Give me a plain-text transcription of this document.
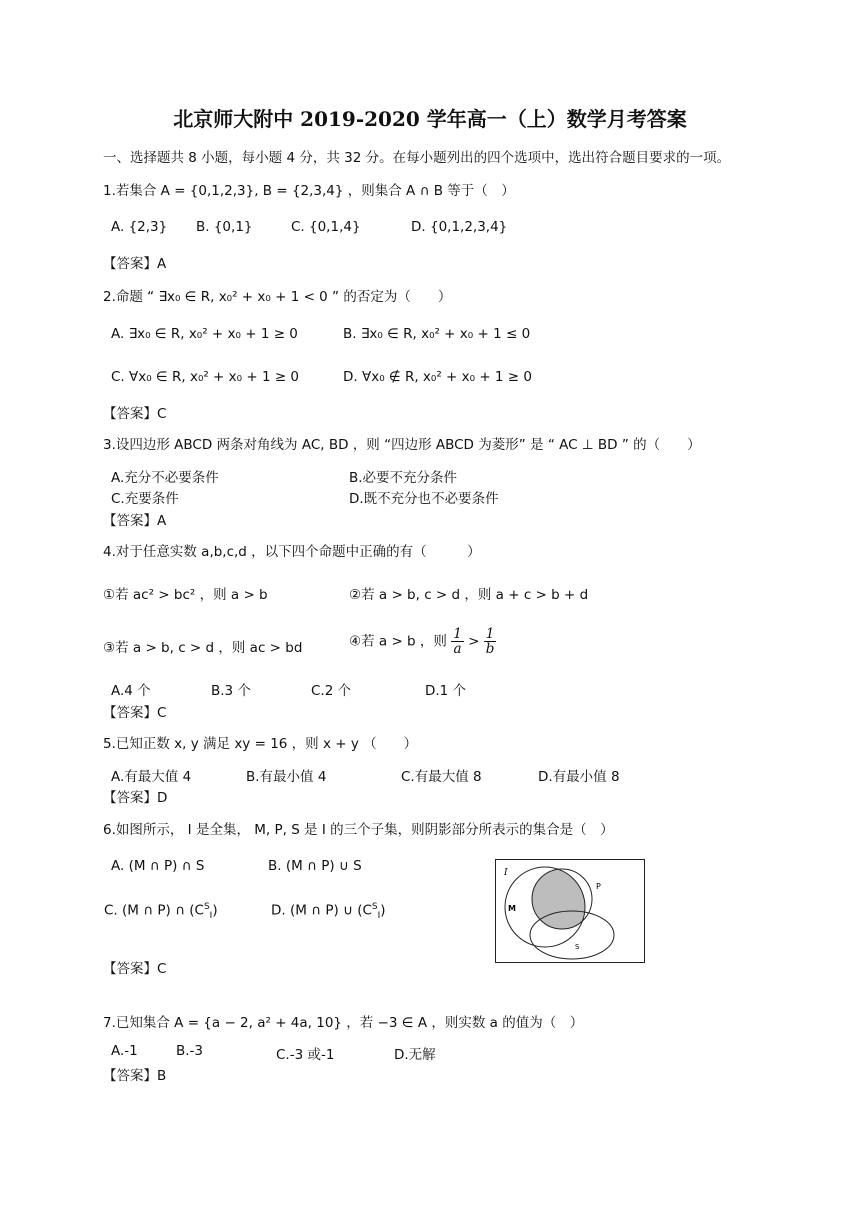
北京师大附中 2019-2020 学年高一（上）数学月考答案
一、选择题共 8 小题，每小题 4 分，共 32 分。在每小题列出的四个选项中，选出符合题目要求的一项。
1.若集合 A = {0,1,2,3}, B = {2,3,4} ，则集合 A ∩ B 等于（　）
A. {2,3} B. {0,1}	C. {0,1,4}	D. {0,1,2,3,4}
【答案】A
2.命题 “ ∃x₀ ∈ R, x₀² + x₀ + 1 < 0 ” 的否定为（　　）
A. ∃x₀ ∈ R, x₀² + x₀ + 1 ≥ 0	B. ∃x₀ ∈ R, x₀² + x₀ + 1 ≤ 0
C. ∀x₀ ∈ R, x₀² + x₀ + 1 ≥ 0	D. ∀x₀ ∉ R, x₀² + x₀ + 1 ≥ 0
【答案】C
3.设四边形 ABCD 两条对角线为 AC, BD ，则 “四边形 ABCD 为菱形” 是 “ AC ⊥ BD ” 的（　　）
A.充分不必要条件	B.必要不充分条件
C.充要条件	D.既不充分也不必要条件
【答案】A
4.对于任意实数 a,b,c,d ，以下四个命题中正确的有（　　　）
①若 ac² > bc² ，则 a > b	②若 a > b, c > d ，则 a + c > b + d
③若 a > b, c > d ，则 ac > bd	④若 a > b ，则 $\frac{1}{a} > \frac{1}{b}$
A.4 个	B.3 个	C.2 个	D.1 个
【答案】C
5.已知正数 x, y 满足 xy = 16 ，则 x + y （　　）
A.有最大值 4	B.有最小值 4	C.有最大值 8	D.有最小值 8
【答案】D
6.如图所示， I 是全集， M, P, S 是 I 的三个子集，则阴影部分所表示的集合是（　）
A. (M ∩ P) ∩ S	B. (M ∩ P) ∪ S
C. (M ∩ P) ∩ $(C^S_I)$	D. (M ∩ P) ∪ $(C^S_I)$
【答案】C
I
M
P
S
7.已知集合 A = {a − 2, a² + 4a, 10} ，若 −3 ∈ A ，则实数 a 的值为（　）
A.-1	B.-3	C.-3 或-1	D.无解
【答案】B
